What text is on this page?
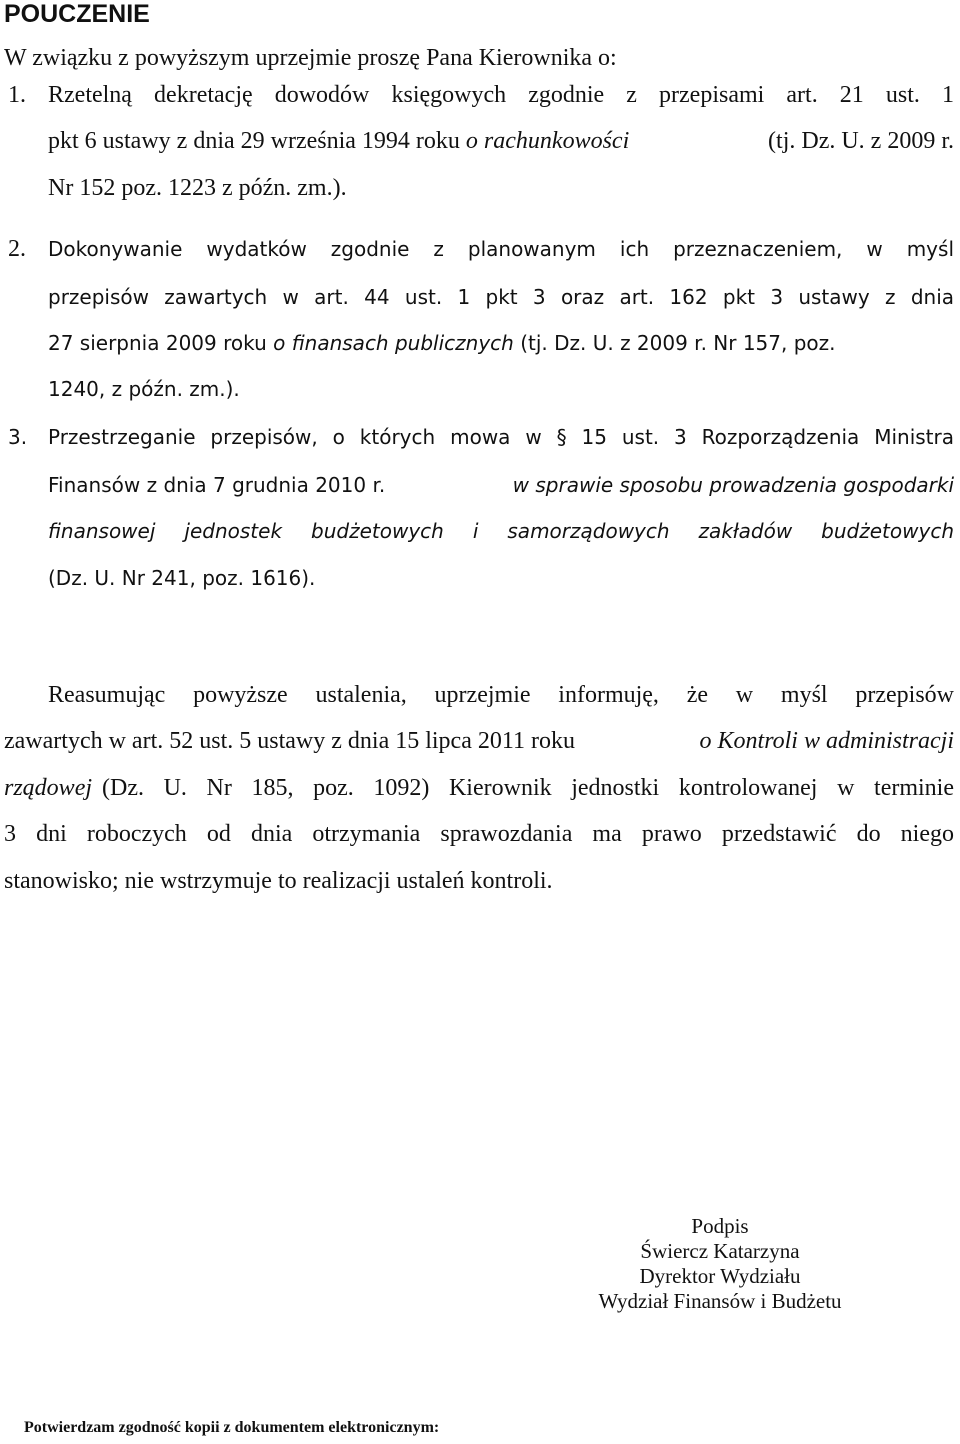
POUCZENIE
W związku z powyższym uprzejmie proszę Pana Kierownika o:
1. Rzetelną dekretację dowodów księgowych zgodnie z przepisami art. 21 ust. 1
pkt 6 ustawy z dnia 29 września 1994 roku o rachunkowości	(tj. Dz. U. z 2009 r.
Nr 152 poz. 1223 z późn. zm.).
2. Dokonywanie wydatków zgodnie z planowanym ich przeznaczeniem, w myśl
przepisów zawartych w art. 44 ust. 1 pkt 3 oraz art. 162 pkt 3 ustawy z dnia
27 sierpnia 2009 roku o finansach publicznych (tj. Dz. U. z 2009 r. Nr 157, poz.
1240, z późn. zm.).
3. Przestrzeganie przepisów, o których mowa w § 15 ust. 3 Rozporządzenia Ministra
Finansów z dnia 7 grudnia 2010 r.	w sprawie sposobu prowadzenia gospodarki
finansowej jednostek budżetowych i samorządowych zakładów budżetowych
(Dz. U. Nr 241, poz. 1616).
Reasumując powyższe ustalenia, uprzejmie informuję, że w myśl przepisów
zawartych w art. 52 ust. 5 ustawy z dnia 15 lipca 2011 roku	o Kontroli w administracji
rządowej (Dz. U. Nr 185, poz. 1092) Kierownik jednostki kontrolowanej w terminie
3 dni roboczych od dnia otrzymania sprawozdania ma prawo przedstawić do niego
stanowisko; nie wstrzymuje to realizacji ustaleń kontroli.
Podpis
Świercz Katarzyna
Dyrektor Wydziału
Wydział Finansów i Budżetu
Potwierdzam zgodność kopii z dokumentem elektronicznym:
